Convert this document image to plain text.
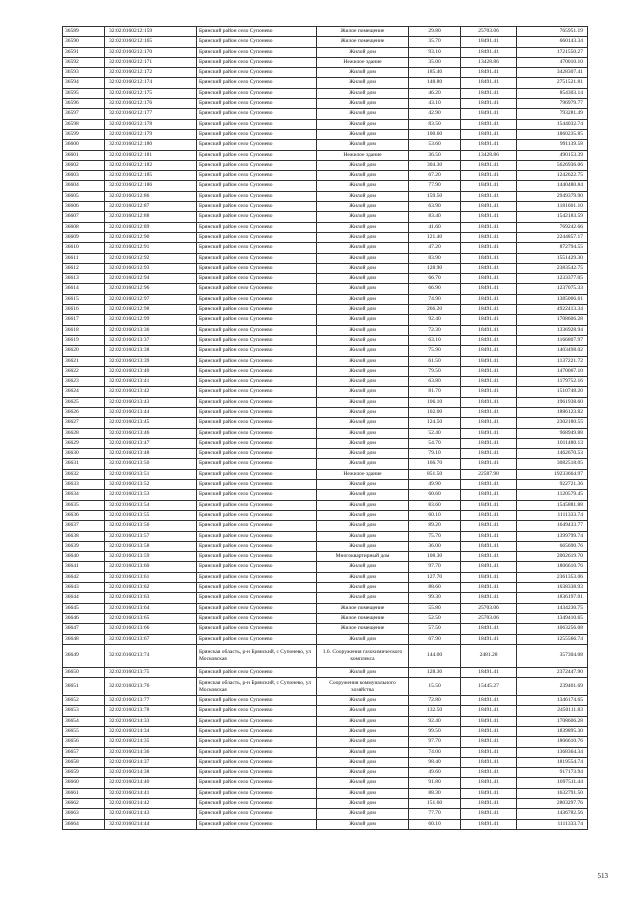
36589	32:02:0160212:159	Брянский район село Супонево	Жилое помещение	29.80	25703.06	765951.19
36590	32:02:0160212:165	Брянский район село Супонево	Жилое помещение	35.70	18491.41	660143.34
36591	32:02:0160212:170	Брянский район село Супонево	Жилой дом	93.10	18491.41	1721550.27
36592	32:02:0160212:171	Брянский район село Супонево	Нежилое здание	35.00	13428.86	470010.10
36593	32:02:0160212:172	Брянский район село Супонево	Жилой дом	185.40	18491.41	3428307.41
36594	32:02:0160212:174	Брянский район село Супонево	Жилой дом	148.80	18491.41	2751521.81
36595	32:02:0160212:175	Брянский район село Супонево	Жилой дом	46.20	18491.41	854303.14
36596	32:02:0160212:176	Брянский район село Супонево	Жилой дом	43.10	18491.41	796979.77
36597	32:02:0160212:177	Брянский район село Супонево	Жилой дом	42.90	18491.41	793281.49
36598	32:02:0160212:178	Брянский район село Супонево	Жилой дом	83.50	18491.41	1544032.74
36599	32:02:0160212:179	Брянский район село Супонево	Жилой дом	100.60	18491.41	1860235.85
36600	32:02:0160212:180	Брянский район село Супонево	Жилой дом	53.60	18491.41	991139.58
36601	32:02:0160212:181	Брянский район село Супонево	Нежилое здание	36.50	13428.86	490153.39
36602	32:02:0160212:182	Брянский район село Супонево	Жилой дом	304.30	18491.41	5626936.06
36603	32:02:0160212:185	Брянский район село Супонево	Жилой дом	67.20	18491.41	1242622.75
36604	32:02:0160212:186	Брянский район село Супонево	Жилой дом	77.90	18491.41	1440480.84
36605	32:02:0160212:86	Брянский район село Супонево	Жилой дом	159.50	18491.41	2949379.90
36606	32:02:0160212:87	Брянский район село Супонево	Жилой дом	63.90	18491.41	1181601.10
36607	32:02:0160212:88	Брянский район село Супонево	Жилой дом	83.40	18491.41	1542183.59
36608	32:02:0160212:89	Брянский район село Супонево	Жилой дом	41.60	18491.41	769242.66
36609	32:02:0160212:90	Брянский район село Супонево	Жилой дом	121.40	18491.41	2244857.17
36610	32:02:0160212:91	Брянский район село Супонево	Жилой дом	47.20	18491.41	872794.55
36611	32:02:0160212:92	Брянский район село Супонево	Жилой дом	83.90	18491.41	1551429.30
36612	32:02:0160212:93	Брянский район село Супонево	Жилой дом	128.90	18491.41	2383542.75
36613	32:02:0160212:94	Брянский район село Супонево	Жилой дом	66.70	18491.41	1233377.05
36614	32:02:0160212:96	Брянский район село Супонево	Жилой дом	66.90	18491.41	1237075.33
36615	32:02:0160212:97	Брянский район село Супонево	Жилой дом	74.90	18491.41	1385006.61
36616	32:02:0160212:98	Брянский район село Супонево	Жилой дом	266.20	18491.41	4922413.34
36617	32:02:0160212:99	Брянский район село Супонево	Жилой дом	92.40	18491.41	1708606.28
36618	32:02:0160213:36	Брянский район село Супонево	Жилой дом	72.30	18491.41	1336928.94
36619	32:02:0160213:37	Брянский район село Супонево	Жилой дом	63.10	18491.41	1166807.97
36620	32:02:0160213:38	Брянский район село Супонево	Жилой дом	75.90	18491.41	1403498.02
36621	32:02:0160213:39	Брянский район село Супонево	Жилой дом	61.50	18491.41	1137221.72
36622	32:02:0160213:40	Брянский район село Супонево	Жилой дом	79.50	18491.41	1470067.10
36623	32:02:0160213:41	Брянский район село Супонево	Жилой дом	63.80	18491.41	1179752.16
36624	32:02:0160213:42	Брянский район село Супонево	Жилой дом	81.70	18491.41	1510748.20
36625	32:02:0160213:43	Брянский район село Супонево	Жилой дом	106.10	18491.41	1961938.60
36626	32:02:0160213:44	Брянский район село Супонево	Жилой дом	102.00	18491.41	1886123.82
36627	32:02:0160213:45	Брянский район село Супонево	Жилой дом	124.50	18491.41	2302180.55
36628	32:02:0160213:46	Брянский район село Супонево	Жилой дом	52.40	18491.41	968949.88
36629	32:02:0160213:47	Брянский район село Супонево	Жилой дом	54.70	18491.41	1011480.13
36630	32:02:0160213:48	Брянский район село Супонево	Жилой дом	79.10	18491.41	1462670.53
36631	32:02:0160213:50	Брянский район село Супонево	Жилой дом	166.70	18491.41	3082518.05
36632	32:02:0160213:51	Брянский район село Супонево	Нежилое здание	851.50	22587.98	19233664.97
36633	32:02:0160213:52	Брянский район село Супонево	Жилой дом	49.90	18491.41	922721.36
36634	32:02:0160213:53	Брянский район село Супонево	Жилой дом	60.60	18491.41	1120579.45
36635	32:02:0160213:54	Брянский район село Супонево	Жилой дом	83.60	18491.41	1545881.88
36636	32:02:0160213:55	Брянский район село Супонево	Жилой дом	60.10	18491.41	1111333.74
36637	32:02:0160213:56	Брянский район село Супонево	Жилой дом	89.20	18491.41	1649433.77
36638	32:02:0160213:57	Брянский район село Супонево	Жилой дом	75.70	18491.41	1399799.74
36639	32:02:0160213:58	Брянский район село Супонево	Жилой дом	36.00	18491.41	665690.76
36640	32:02:0160213:59	Брянский район село Супонево	Многоквартирный дом	108.30	18491.41	2002619.70
36641	32:02:0160213:60	Брянский район село Супонево	Жилой дом	97.70	18491.41	1806610.76
36642	32:02:0160213:61	Брянский район село Супонево	Жилой дом	127.70	18491.41	2361353.06
36643	32:02:0160213:62	Брянский район село Супонево	Жилой дом	88.60	18491.41	1638338.93
36644	32:02:0160213:63	Брянский район село Супонево	Жилой дом	99.30	18491.41	1836197.01
36645	32:02:0160213:64	Брянский район село Супонево	Жилое помещение	55.80	25703.06	1434230.75
36646	32:02:0160213:65	Брянский район село Супонево	Жилое помещение	52.50	25703.06	1349410.65
36647	32:02:0160213:66	Брянский район село Супонево	Жилое помещение	57.50	18491.41	1063256.08
36648	32:02:0160213:67	Брянский район село Супонево	Жилой дом	67.90	18491.41	1255566.74
36649	32:02:0160213:74	Брянская область, р-н Брянский, с Супонево, ул Московская	1.6. Сооружения газохимического комплекса	144.00	2481.28	357304.08
36650	32:02:0160213:75	Брянский район село Супонево	Жилой дом	128.30	18491.41	2372447.90
36651	32:02:0160213:76	Брянская область, р-н Брянский, с Супонево, ул Московская	Сооружения коммунального хозяйства	15.50	15445.27	239401.69
36652	32:02:0160213:77	Брянский район село Супонево	Жилой дом	72.80	18491.41	1346174.65
36653	32:02:0160213:78	Брянский район село Супонево	Жилой дом	132.50	18491.41	2450111.83
36654	32:02:0160214:33	Брянский район село Супонево	Жилой дом	92.40	18491.41	1708606.28
36655	32:02:0160214:34	Брянский район село Супонево	Жилой дом	99.50	18491.41	1839895.30
36656	32:02:0160214:35	Брянский район село Супонево	Жилой дом	97.70	18491.41	1806610.76
36657	32:02:0160214:36	Брянский район село Супонево	Жилой дом	74.00	18491.41	1368364.34
36658	32:02:0160214:37	Брянский район село Супонево	Жилой дом	98.40	18491.41	1819554.74
36659	32:02:0160214:38	Брянский район село Супонево	Жилой дом	49.60	18491.41	917173.94
36660	32:02:0160214:40	Брянский район село Супонево	Жилой дом	91.80	18491.41	1697511.44
36661	32:02:0160214:41	Брянский район село Супонево	Жилой дом	88.30	18491.41	1632791.50
36662	32:02:0160214:42	Брянский район село Супонево	Жилой дом	151.60	18491.41	2803297.76
36663	32:02:0160214:43	Брянский район село Супонево	Жилой дом	77.70	18491.41	1436782.56
36664	32:02:0160214:44	Брянский район село Супонево	Жилой дом	60.10	18491.41	1111333.74
513
